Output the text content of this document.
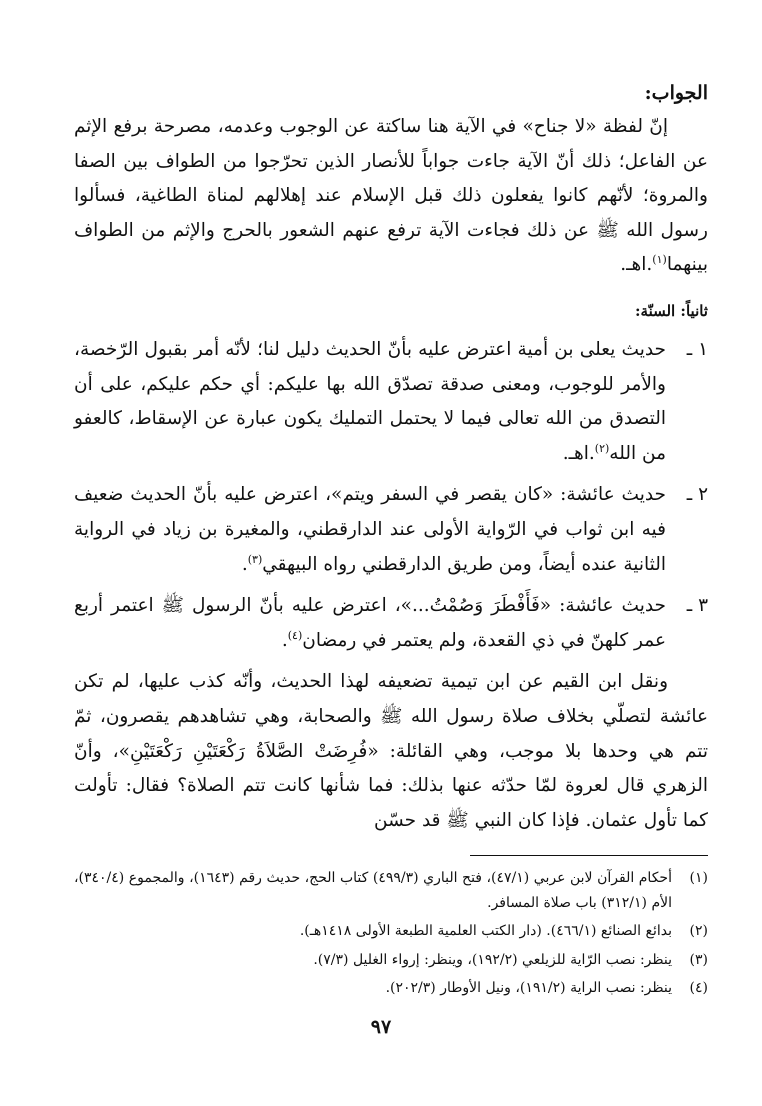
الجواب:

إنّ لفظة «لا جناح» في الآية هنا ساكتة عن الوجوب وعدمه، مصرحة برفع الإثم عن الفاعل؛ ذلك أنّ الآية جاءت جواباً للأنصار الذين تحرّجوا من الطواف بين الصفا والمروة؛ لأنّهم كانوا يفعلون ذلك قبل الإسلام عند إهلالهم لمناة الطاغية، فسألوا رسول الله ﷺ عن ذلك فجاءت الآية ترفع عنهم الشعور بالحرج والإثم من الطواف بينهما$^{(١)}$.اهـ.

ثانياً: السنّة:
١ ـ
حديث يعلى بن أمية اعترض عليه بأنّ الحديث دليل لنا؛ لأنّه أمر بقبول الرّخصة، والأمر للوجوب، ومعنى صدقة تصدّق الله بها عليكم: أي حكم عليكم، على أن التصدق من الله تعالى فيما لا يحتمل التمليك يكون عبارة عن الإسقاط، كالعفو من الله$^{(٢)}$.اهـ.
٢ ـ
حديث عائشة: «كان يقصر في السفر ويتم»، اعترض عليه بأنّ الحديث ضعيف فيه ابن ثواب في الرّواية الأولى عند الدارقطني، والمغيرة بن زياد في الرواية الثانية عنده أيضاً، ومن طريق الدارقطني رواه البيهقي$^{(٣)}$.
٣ ـ
حديث عائشة: «فَأَفْطَرَ وَصُمْتُ...»، اعترض عليه بأنّ الرسول ﷺ اعتمر أربع عمر كلهنّ في ذي القعدة، ولم يعتمر في رمضان$^{(٤)}$.

ونقل ابن القيم عن ابن تيمية تضعيفه لهذا الحديث، وأنّه كذب عليها، لم تكن عائشة لتصلّي بخلاف صلاة رسول الله ﷺ والصحابة، وهي تشاهدهم يقصرون، ثمّ تتم هي وحدها بلا موجب، وهي القائلة: «فُرِضَتْ الصَّلاَةُ رَكْعَتَيْنِ رَكْعَتَيْنِ»، وأنّ الزهري قال لعروة لمّا حدّثه عنها بذلك: فما شأنها كانت تتم الصلاة؟ فقال: تأولت كما تأول عثمان. فإذا كان النبي ﷺ قد حسّن

(١)
أحكام القرآن لابن عربي (٤٧/١)، فتح الباري (٤٩٩/٣) كتاب الحج، حديث رقم (١٦٤٣)، والمجموع (٣٤٠/٤)، الأم (٣١٢/١) باب صلاة المسافر.
(٢)
بدائع الصنائع (٤٦٦/١). (دار الكتب العلمية الطبعة الأولى ١٤١٨هـ).
(٣)
ينظر: نصب الرّاية للزيلعي (١٩٢/٢)، وينظر: إرواء الغليل (٧/٣).
(٤)
ينظر: نصب الراية (١٩١/٢)، ونيل الأوطار (٢٠٢/٣).
٩٧
